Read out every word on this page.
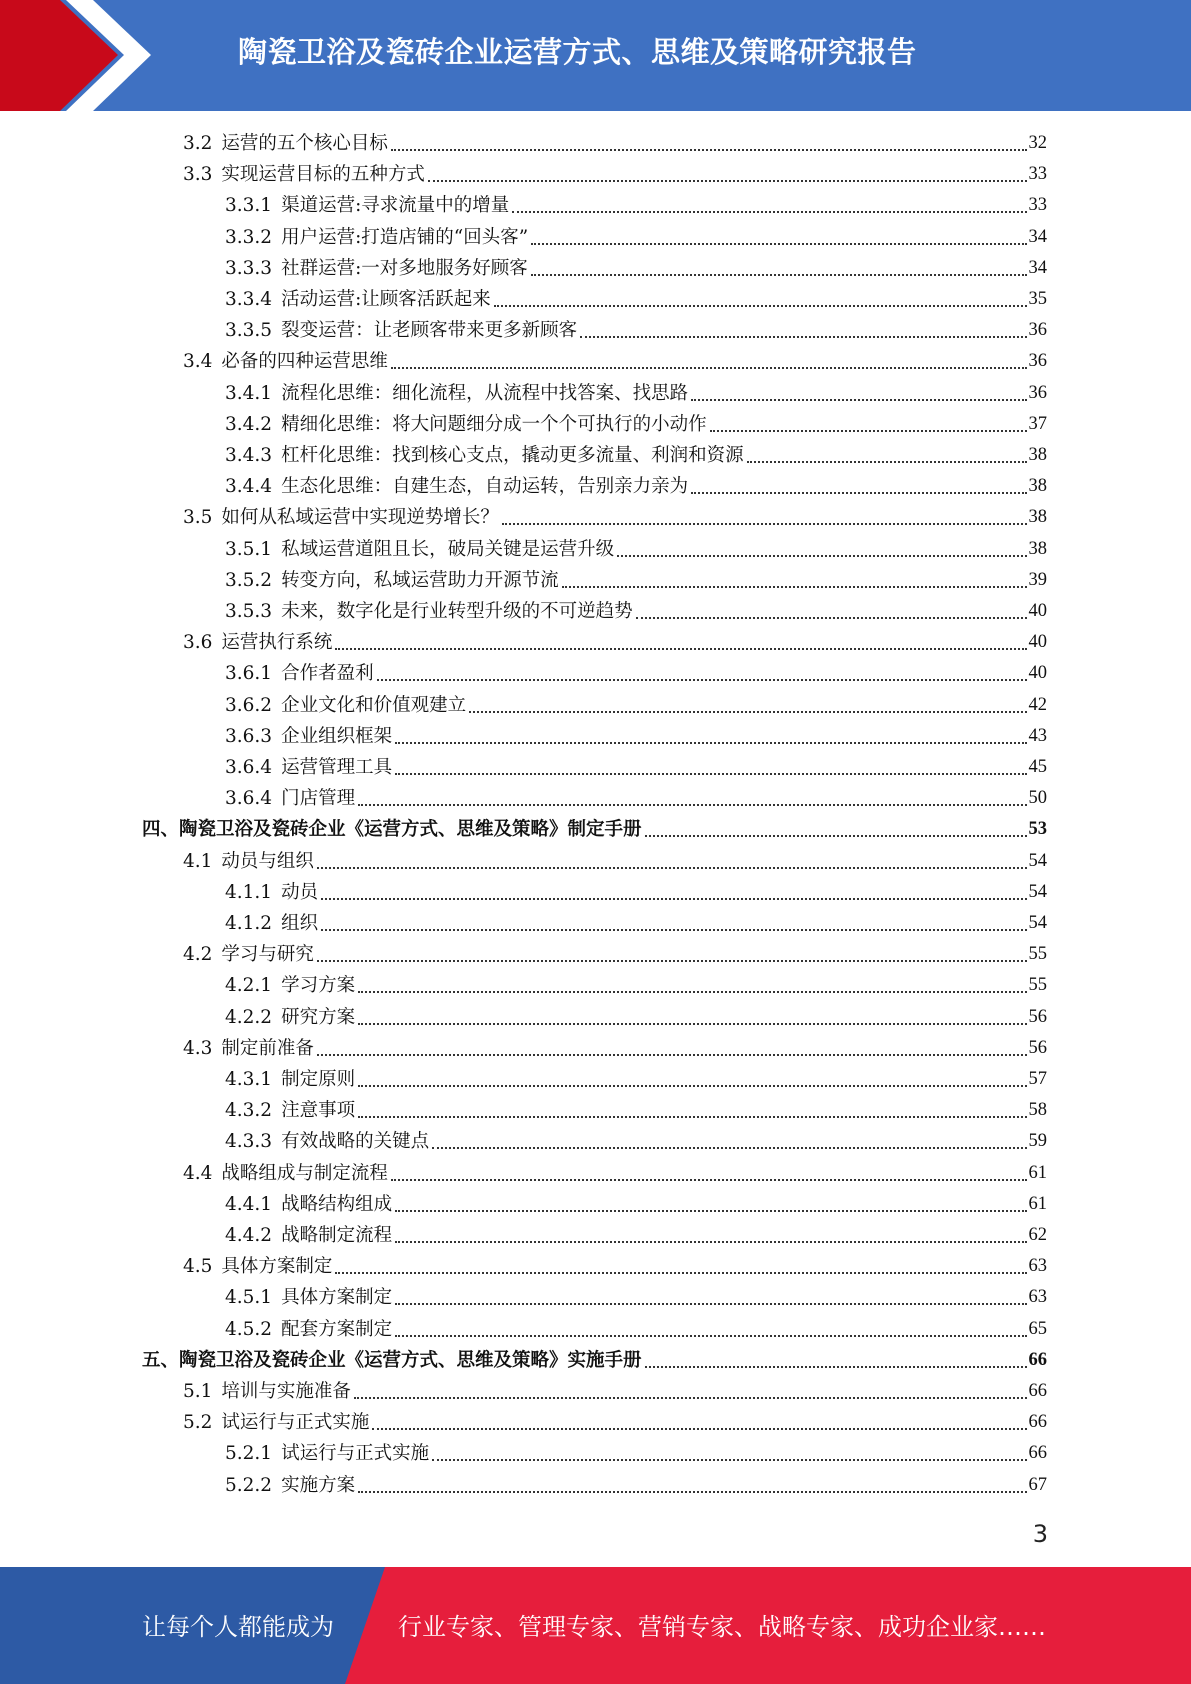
陶瓷卫浴及瓷砖企业运营方式、思维及策略研究报告
3.2 运营的五个核心目标	32
3.3 实现运营目标的五种方式	33
3.3.1 渠道运营:寻求流量中的增量	33
3.3.2 用户运营:打造店铺的“回头客”	34
3.3.3 社群运营:一对多地服务好顾客	34
3.3.4 活动运营:让顾客活跃起来	35
3.3.5 裂变运营：让老顾客带来更多新顾客	36
3.4 必备的四种运营思维	36
3.4.1 流程化思维：细化流程，从流程中找答案、找思路	36
3.4.2 精细化思维：将大问题细分成一个个可执行的小动作	37
3.4.3 杠杆化思维：找到核心支点，撬动更多流量、利润和资源	38
3.4.4 生态化思维：自建生态，自动运转，告别亲力亲为	38
3.5 如何从私域运营中实现逆势增长？	38
3.5.1 私域运营道阻且长，破局关键是运营升级	38
3.5.2 转变方向，私域运营助力开源节流	39
3.5.3 未来，数字化是行业转型升级的不可逆趋势	40
3.6 运营执行系统	40
3.6.1 合作者盈利	40
3.6.2 企业文化和价值观建立	42
3.6.3 企业组织框架	43
3.6.4 运营管理工具	45
3.6.4 门店管理	50
四、陶瓷卫浴及瓷砖企业《运营方式、思维及策略》制定手册	53
4.1 动员与组织	54
4.1.1 动员	54
4.1.2 组织	54
4.2 学习与研究	55
4.2.1 学习方案	55
4.2.2 研究方案	56
4.3 制定前准备	56
4.3.1 制定原则	57
4.3.2 注意事项	58
4.3.3 有效战略的关键点	59
4.4 战略组成与制定流程	61
4.4.1 战略结构组成	61
4.4.2 战略制定流程	62
4.5 具体方案制定	63
4.5.1 具体方案制定	63
4.5.2 配套方案制定	65
五、陶瓷卫浴及瓷砖企业《运营方式、思维及策略》实施手册	66
5.1 培训与实施准备	66
5.2 试运行与正式实施	66
5.2.1 试运行与正式实施	66
5.2.2 实施方案	67
3
让每个人都能成为	行业专家、管理专家、营销专家、战略专家、成功企业家……
